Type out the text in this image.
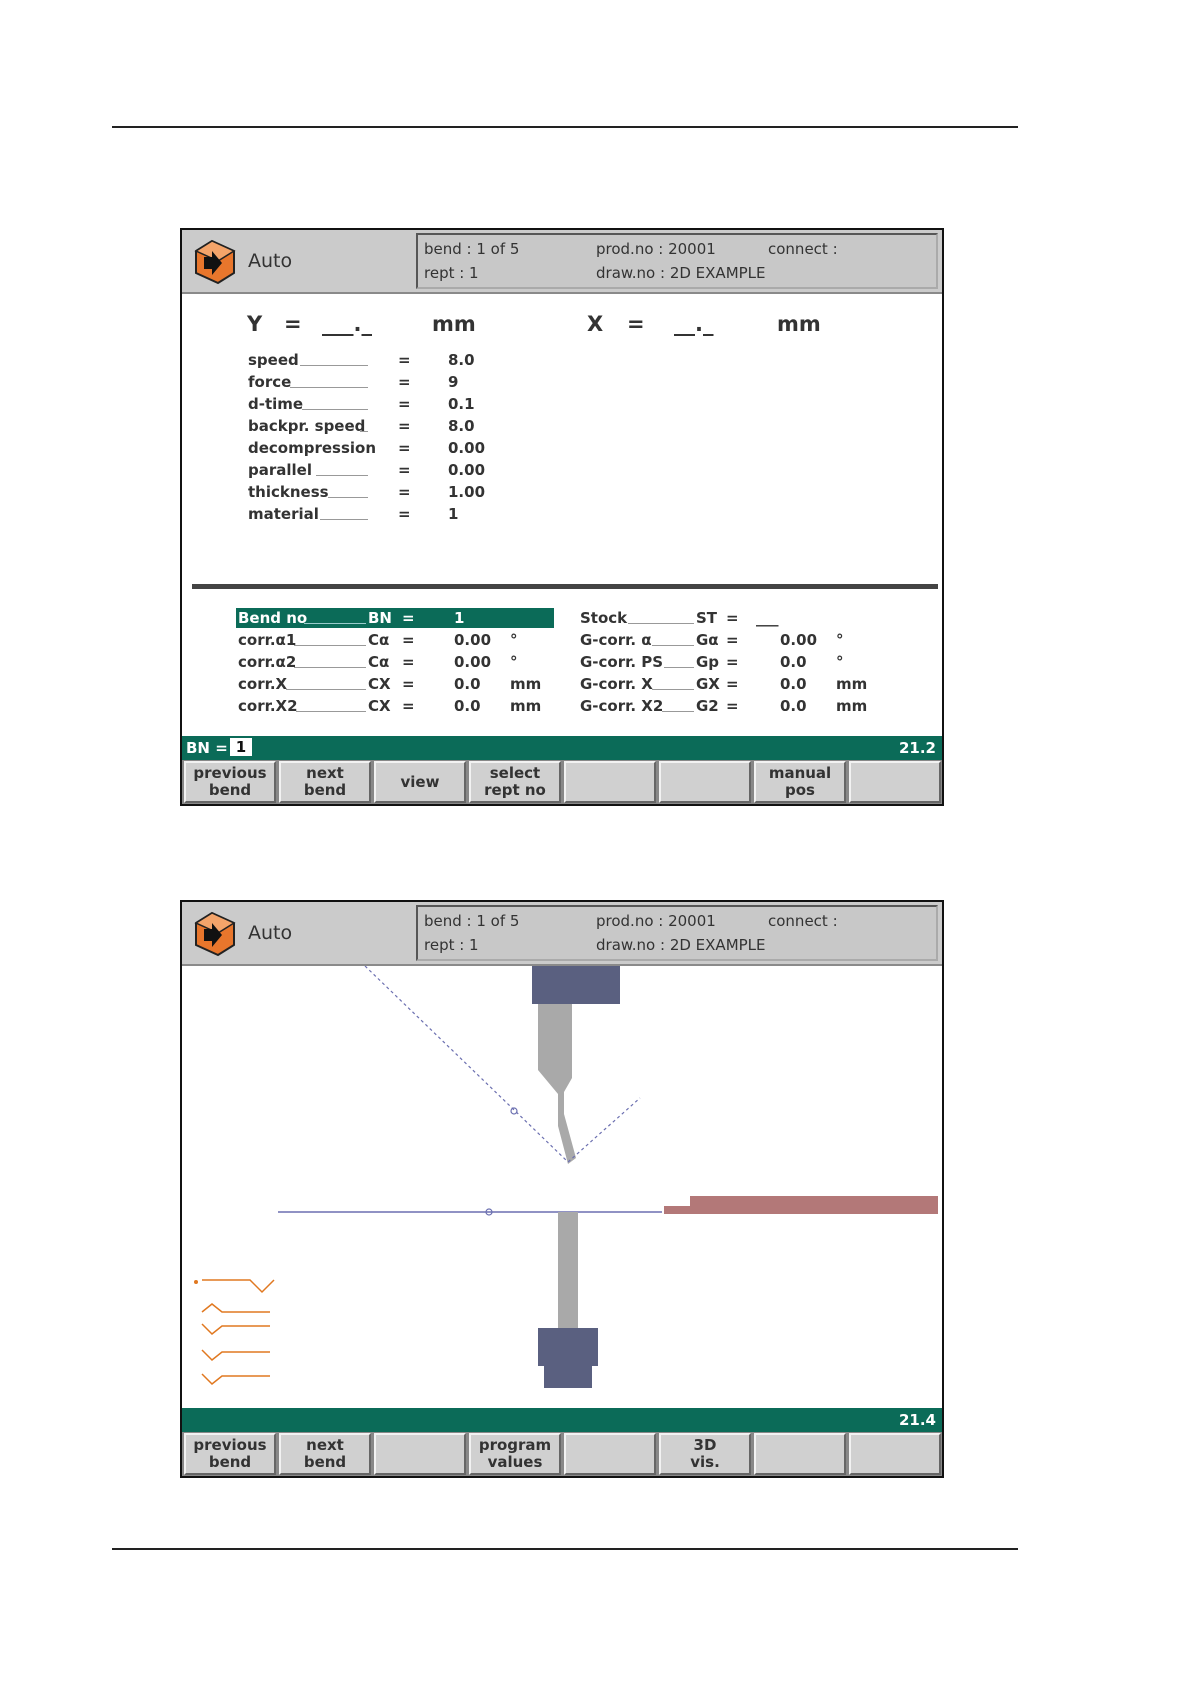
Auto
bend : 1 of 5
rept : 1
prod.no : 20001
draw.no : 2D EXAMPLE
connect :
Y = ___._	mm	X = __._	mm
speed	= 8.0
force	= 9
d-time	= 0.1
backpr. speed = 8.0
decompression = 0.00
parallel	= 0.00
thickness	= 1.00
material	= 1
Bend no	BN =	1
corr.α1	Cα =	0.00 °
corr.α2	Cα =	0.00 °
corr.X	CX =	0.0 mm
corr.X2	CX =	0.0 mm
Stock	ST = ___
G-corr. α	Gα =	0.00 °
G-corr. PS Gp =	0.0 °
G-corr. X	GX =	0.0 mm
G-corr. X2 G2 =	0.0 mm
BN = 1	21.2
previous
bend
next
bend	view	select
rept no
manual
pos
Auto
bend : 1 of 5
rept : 1
prod.no : 20001
draw.no : 2D EXAMPLE
connect :
21.4
previous
bend
next
bend
program
values
3D
vis.
